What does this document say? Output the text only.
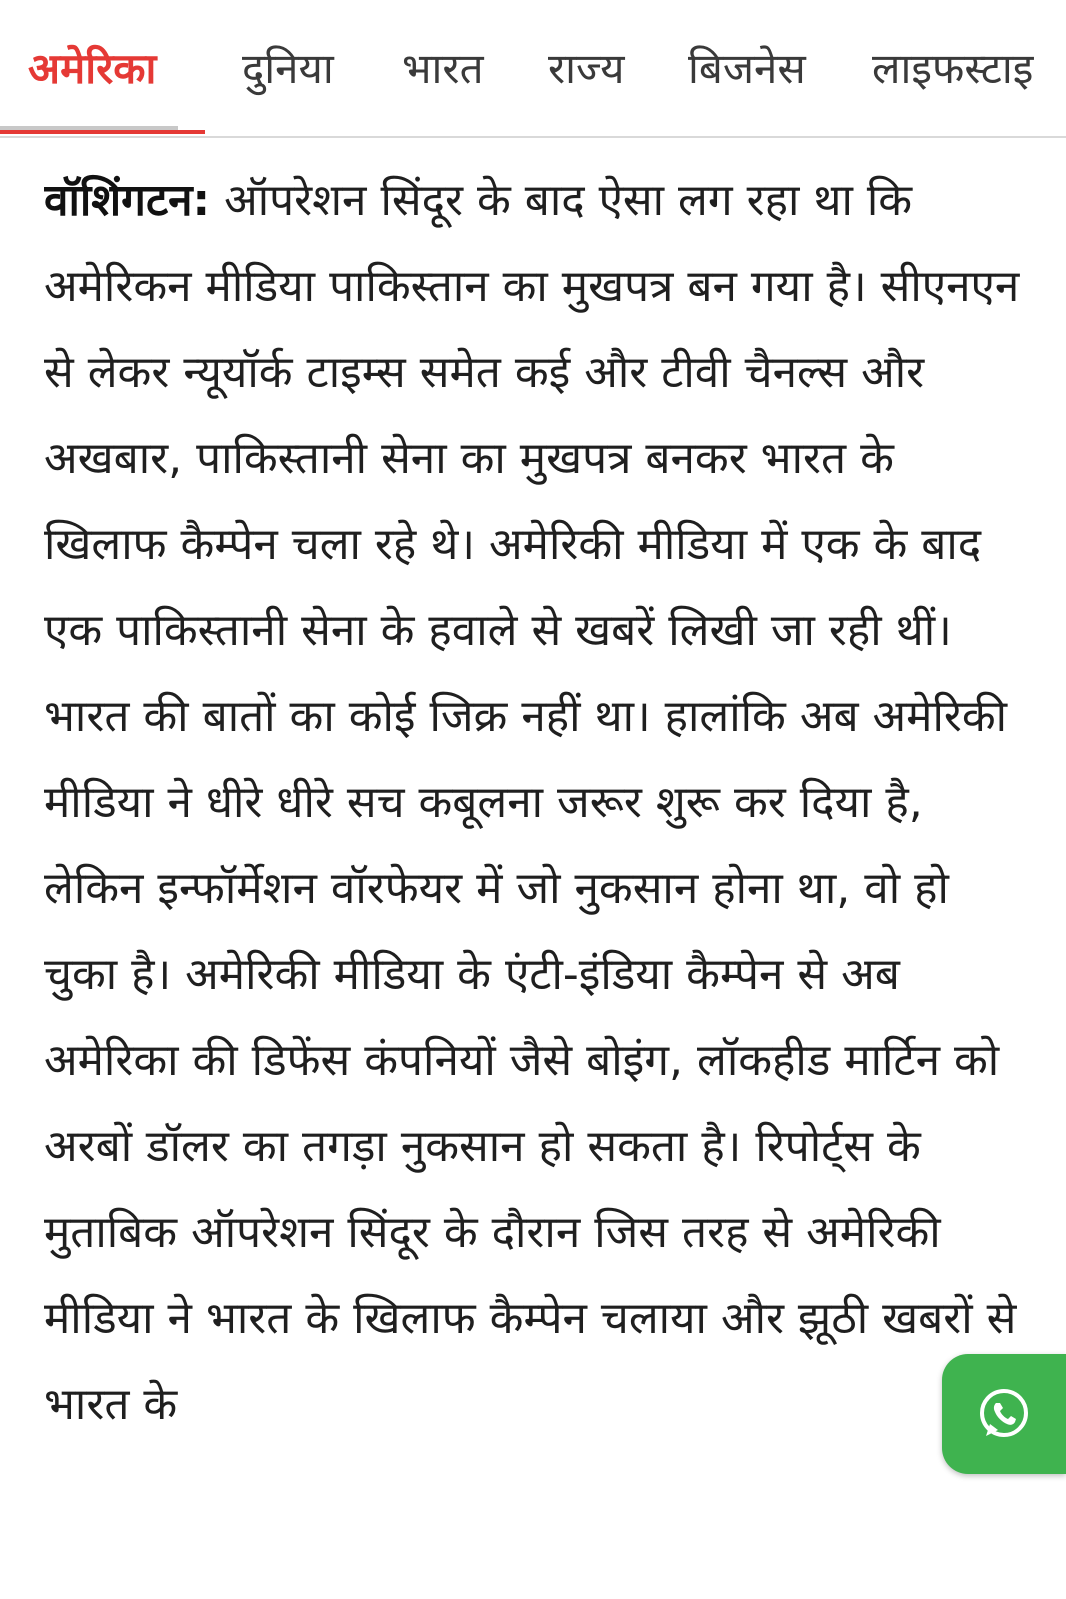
अमेरिका दुनिया भारत राज्य बिजनेस लाइफस्टाइ

वॉशिंगटन: ऑपरेशन सिंदूर के बाद ऐसा लग रहा था कि अमेरिकन मीडिया पाकिस्तान का मुखपत्र बन गया है। सीएनएन से लेकर न्यूयॉर्क टाइम्स समेत कई और टीवी चैनल्स और अखबार, पाकिस्तानी सेना का मुखपत्र बनकर भारत के खिलाफ कैम्पेन चला रहे थे। अमेरिकी मीडिया में एक के बाद एक पाकिस्तानी सेना के हवाले से खबरें लिखी जा रही थीं। भारत की बातों का कोई जिक्र नहीं था। हालांकि अब अमेरिकी मीडिया ने धीरे धीरे सच कबूलना जरूर शुरू कर दिया है, लेकिन इन्फॉर्मेशन वॉरफेयर में जो नुकसान होना था, वो हो चुका है। अमेरिकी मीडिया के एंटी-इंडिया कैम्पेन से अब अमेरिका की डिफेंस कंपनियों जैसे बोइंग, लॉकहीड मार्टिन को अरबों डॉलर का तगड़ा नुकसान हो सकता है। रिपोर्ट्स के मुताबिक ऑपरेशन सिंदूर के दौरान जिस तरह से अमेरिकी मीडिया ने भारत के खिलाफ कैम्पेन चलाया और झूठी खबरों से भारत के
